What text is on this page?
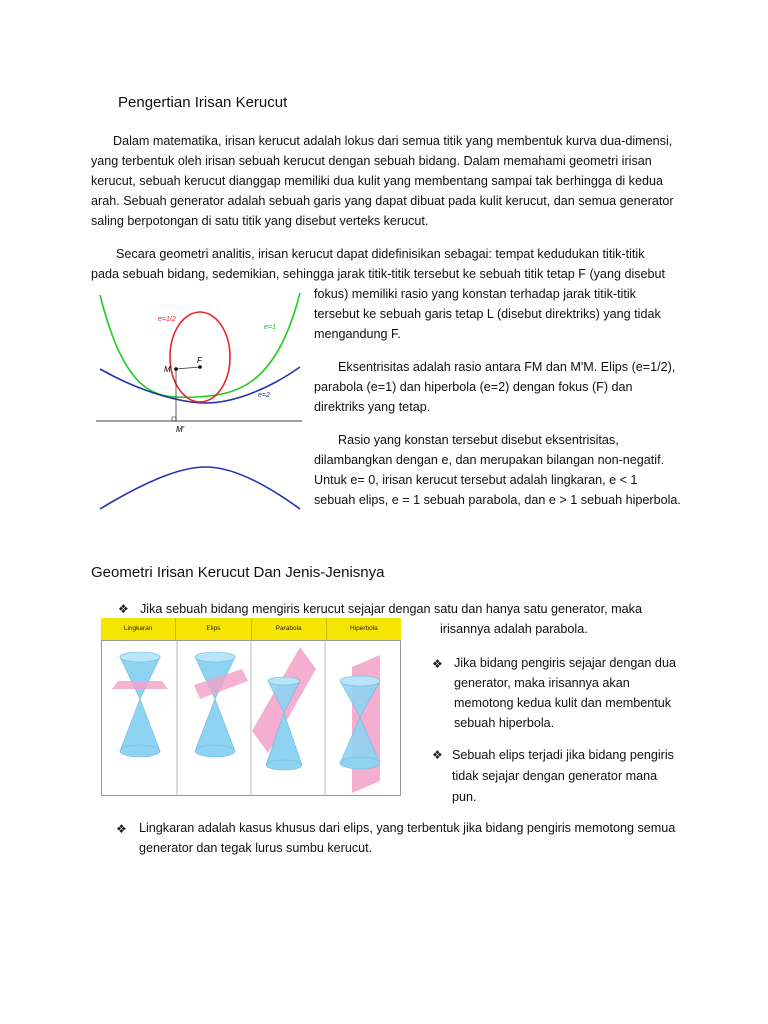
Pengertian Irisan Kerucut
Dalam matematika, irisan kerucut adalah lokus dari semua titik yang membentuk kurva dua-dimensi,
yang terbentuk oleh irisan sebuah kerucut dengan sebuah bidang. Dalam memahami geometri irisan
kerucut, sebuah kerucut dianggap memiliki dua kulit yang membentang sampai tak berhingga di kedua
arah. Sebuah generator adalah sebuah garis yang dapat dibuat pada kulit kerucut, dan semua generator
saling berpotongan di satu titik yang disebut verteks kerucut.
Secara geometri analitis, irisan kerucut dapat didefinisikan sebagai: tempat kedudukan titik-titik
pada sebuah bidang, sedemikian, sehingga jarak titik-titik tersebut ke sebuah titik tetap F (yang disebut
fokus) memiliki rasio yang konstan terhadap jarak titik-titik
tersebut ke sebuah garis tetap L (disebut direktriks) yang tidak
mengandung F.
Eksentrisitas adalah rasio antara FM dan M'M. Elips (e=1/2),
parabola (e=1) dan hiperbola (e=2) dengan fokus (F) dan
direktriks yang tetap.
Rasio yang konstan tersebut disebut eksentrisitas,
dilambangkan dengan e, dan merupakan bilangan non-negatif.
Untuk e= 0, irisan kerucut tersebut adalah lingkaran, e < 1
sebuah elips, e = 1 sebuah parabola, dan e > 1 sebuah hiperbola.
e=1/2
e=1
e=2
F
M
M'
Geometri Irisan Kerucut Dan Jenis-Jenisnya
❖ Jika sebuah bidang mengiris kerucut sejajar dengan satu dan hanya satu generator, maka
irisannya adalah parabola.
Lingkaran	Elips	Parabola	Hiperbola
❖ Jika bidang pengiris sejajar dengan dua
generator, maka irisannya akan
memotong kedua kulit dan membentuk
sebuah hiperbola.
❖ Sebuah elips terjadi jika bidang pengiris
tidak sejajar dengan generator mana
pun.
❖ Lingkaran adalah kasus khusus dari elips, yang terbentuk jika bidang pengiris memotong semua
generator dan tegak lurus sumbu kerucut.
